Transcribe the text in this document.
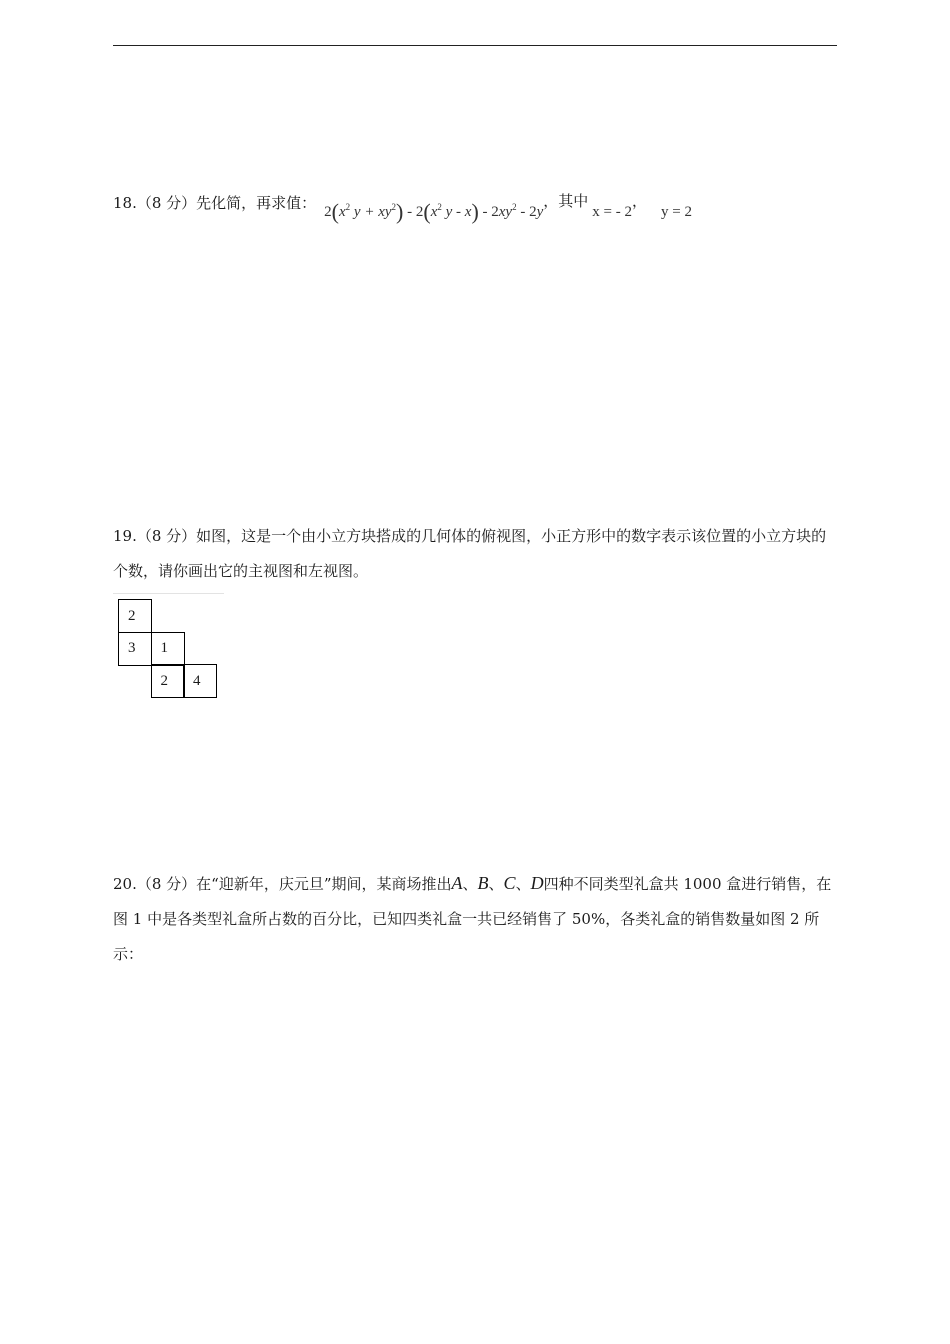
18.（8 分）先化简，再求值： $2(x^2$ $y + xy^2) - 2(x^2$ y - $x) - 2xy^2 - 2y$，其中x = - 2，y = 2
19.（8 分）如图，这是一个由小立方块搭成的几何体的俯视图，小正方形中的数字表示该位置的小立方块的个数，请你画出它的主视图和左视图。
2
3	1
2	4
20.（8 分）在“迎新年，庆元旦”期间，某商场推出A、B、C、D四种不同类型礼盒共 1000 盒进行销售，在图 1 中是各类型礼盒所占数的百分比，已知四类礼盒一共已经销售了 50%，各类礼盒的销售数量如图 2 所示：
